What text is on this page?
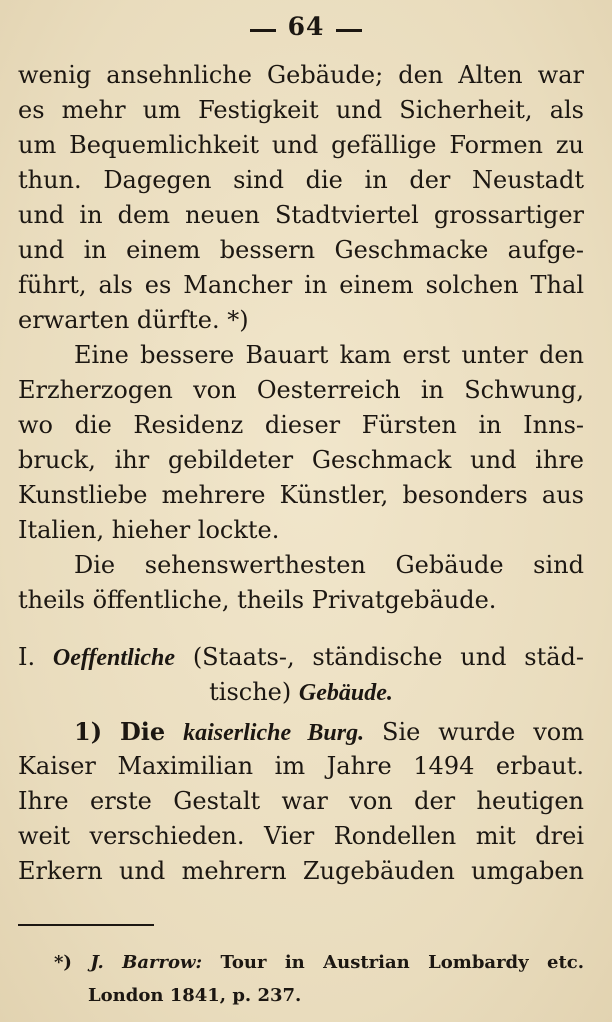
64
wenig ansehnliche Gebäude; den Alten war
es mehr um Festigkeit und Sicherheit, als
um Bequemlichkeit und gefällige Formen zu
thun. Dagegen sind die in der Neustadt
und in dem neuen Stadtviertel grossartiger
und in einem bessern Geschmacke aufge-
führt, als es Mancher in einem solchen Thal
erwarten dürfte. *)
Eine bessere Bauart kam erst unter den
Erzherzogen von Oesterreich in Schwung,
wo die Residenz dieser Fürsten in Inns-
bruck, ihr gebildeter Geschmack und ihre
Kunstliebe mehrere Künstler, besonders aus
Italien, hieher lockte.
Die sehenswerthesten Gebäude sind
theils öffentliche, theils Privatgebäude.
I. Oeffentliche (Staats-, ständische und städ-
tische) Gebäude.
1) Die kaiserliche Burg. Sie wurde vom
Kaiser Maximilian im Jahre 1494 erbaut.
Ihre erste Gestalt war von der heutigen
weit verschieden. Vier Rondellen mit drei
Erkern und mehrern Zugebäuden umgaben
*) J. Barrow: Tour in Austrian Lombardy etc.
London 1841, p. 237.
